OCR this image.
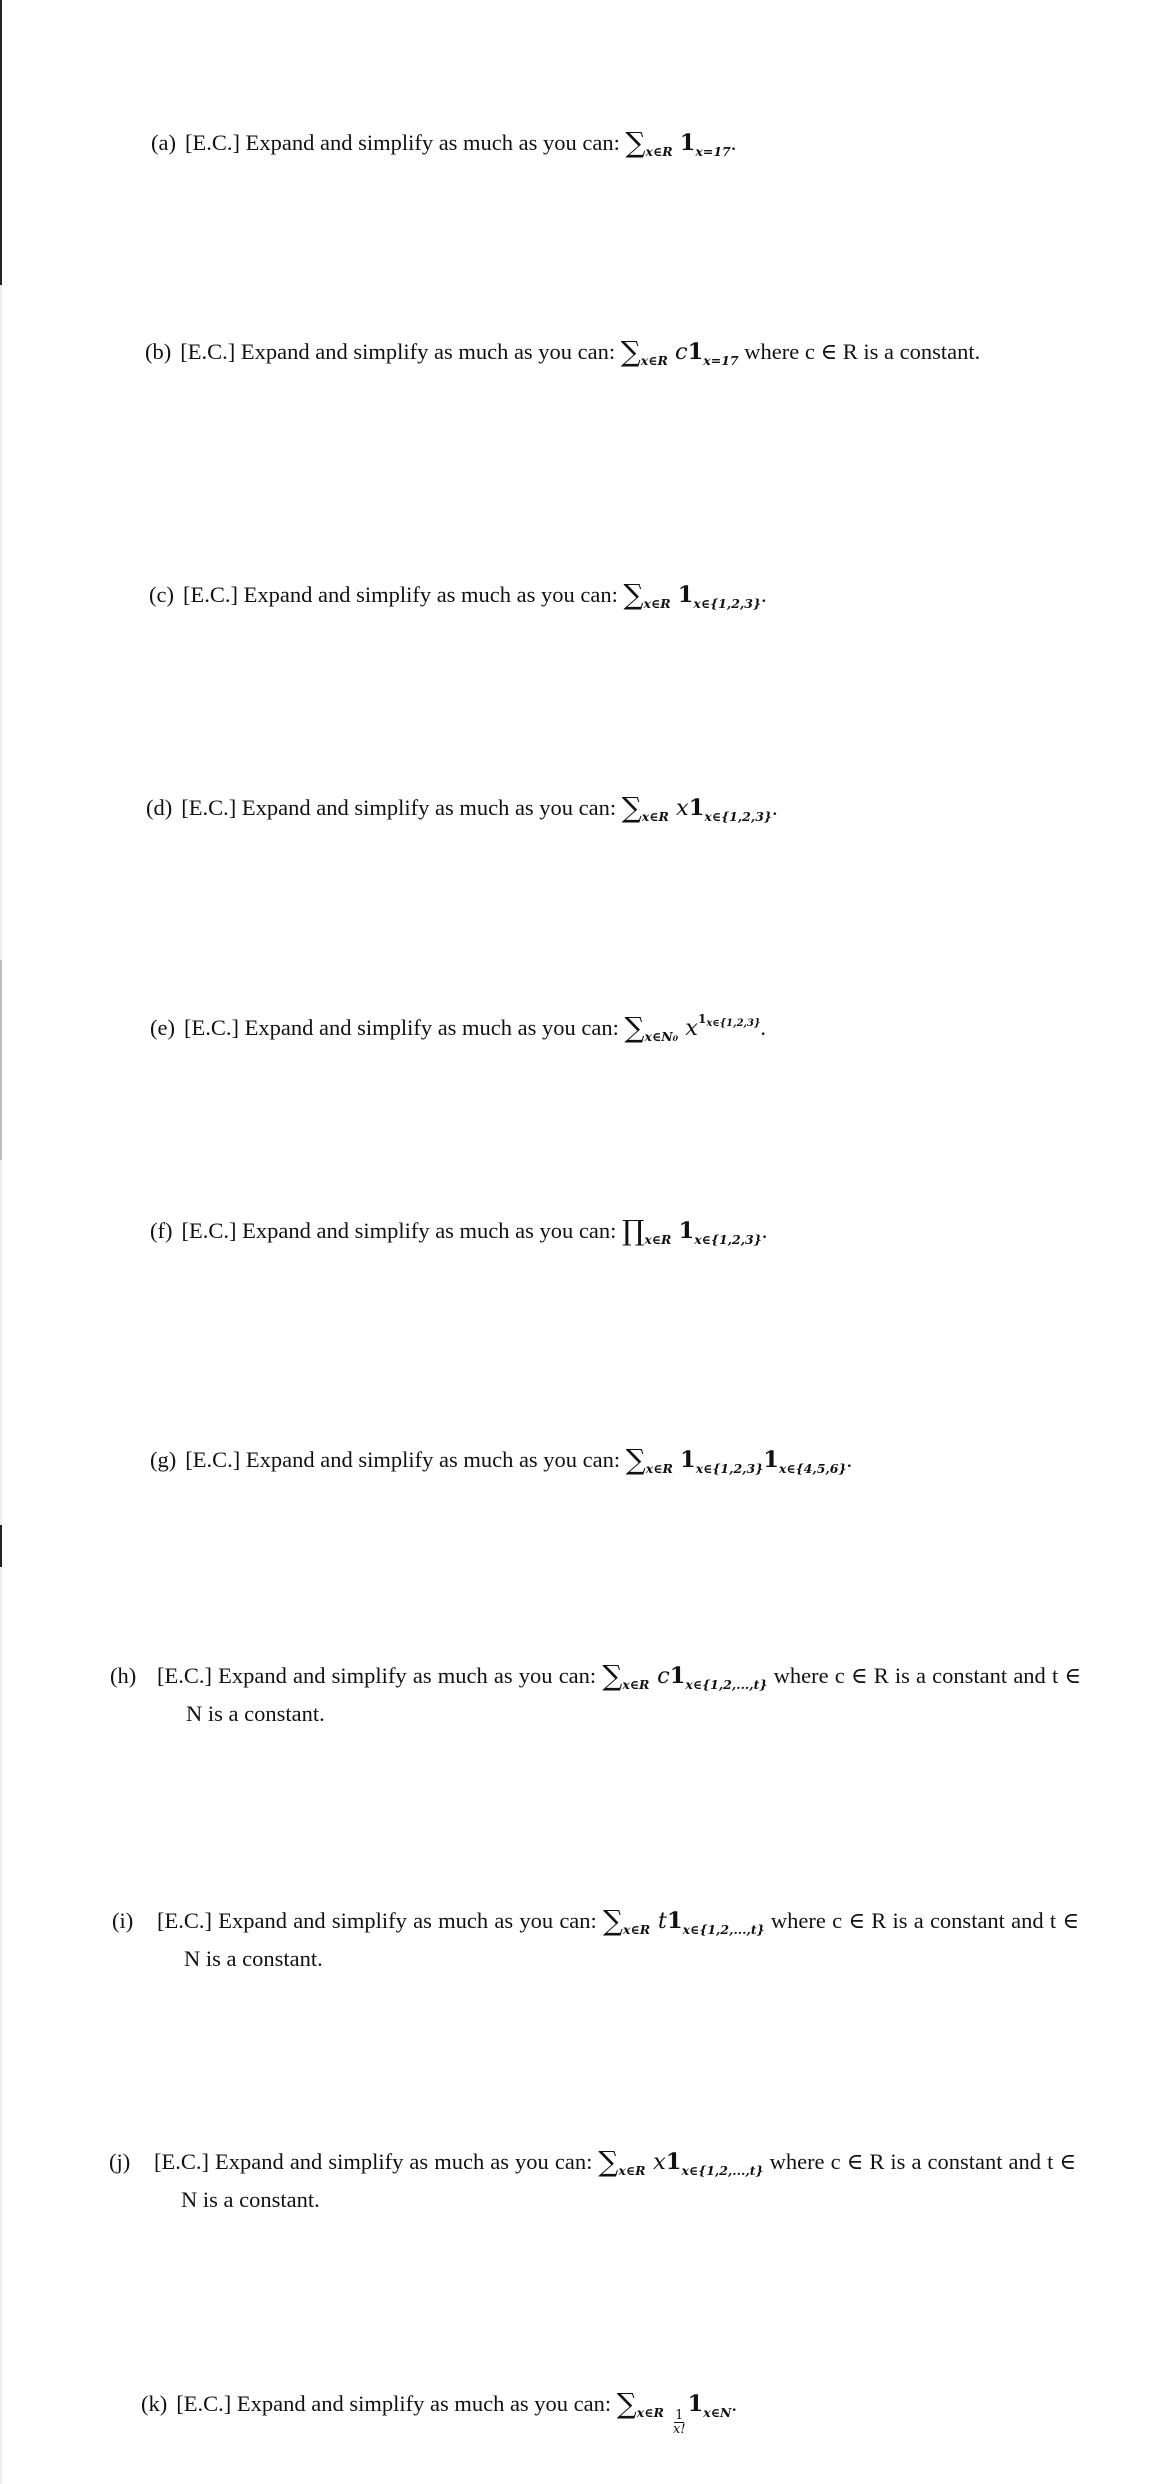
(a) [E.C.] Expand and simplify as much as you can: $\sum_{x\in R}$ $1_{x=17}$.
(b) [E.C.] Expand and simplify as much as you can: $\sum_{x\in R}$ $c1_{x=17}$ where c ∈ R is a constant.
(c) [E.C.] Expand and simplify as much as you can: $\sum_{x\in R}$ $1_{x\in\{1,2,3\}}$.
(d) [E.C.] Expand and simplify as much as you can: $\sum_{x\in R}$ $x1_{x\in\{1,2,3\}}$.
(e) [E.C.] Expand and simplify as much as you can: $\sum_{x\in N_0}$ $x^{1_{x\in\{1,2,3\}}}$.
(f) [E.C.] Expand and simplify as much as you can: $\prod_{x\in R}$ $1_{x\in\{1,2,3\}}$.
(g) [E.C.] Expand and simplify as much as you can: $\sum_{x\in R}$ $1_{x\in\{1,2,3\}}1_{x\in\{4,5,6\}}$.
(h) [E.C.] Expand and simplify as much as you can: $\sum_{x\in R}$ $c1_{x\in\{1,2,...,t\}}$ where c ∈ R is a constant and t ∈ N is a constant.
(i) [E.C.] Expand and simplify as much as you can: $\sum_{x\in R}$ $t1_{x\in\{1,2,...,t\}}$ where c ∈ R is a constant and t ∈ N is a constant.
(j) [E.C.] Expand and simplify as much as you can: $\sum_{x\in R}$ $x1_{x\in\{1,2,...,t\}}$ where c ∈ R is a constant and t ∈ N is a constant.
(k) [E.C.] Expand and simplify as much as you can: $\sum_{x\in R} \frac{1}{x!}$
$1_{x\in N}$.
